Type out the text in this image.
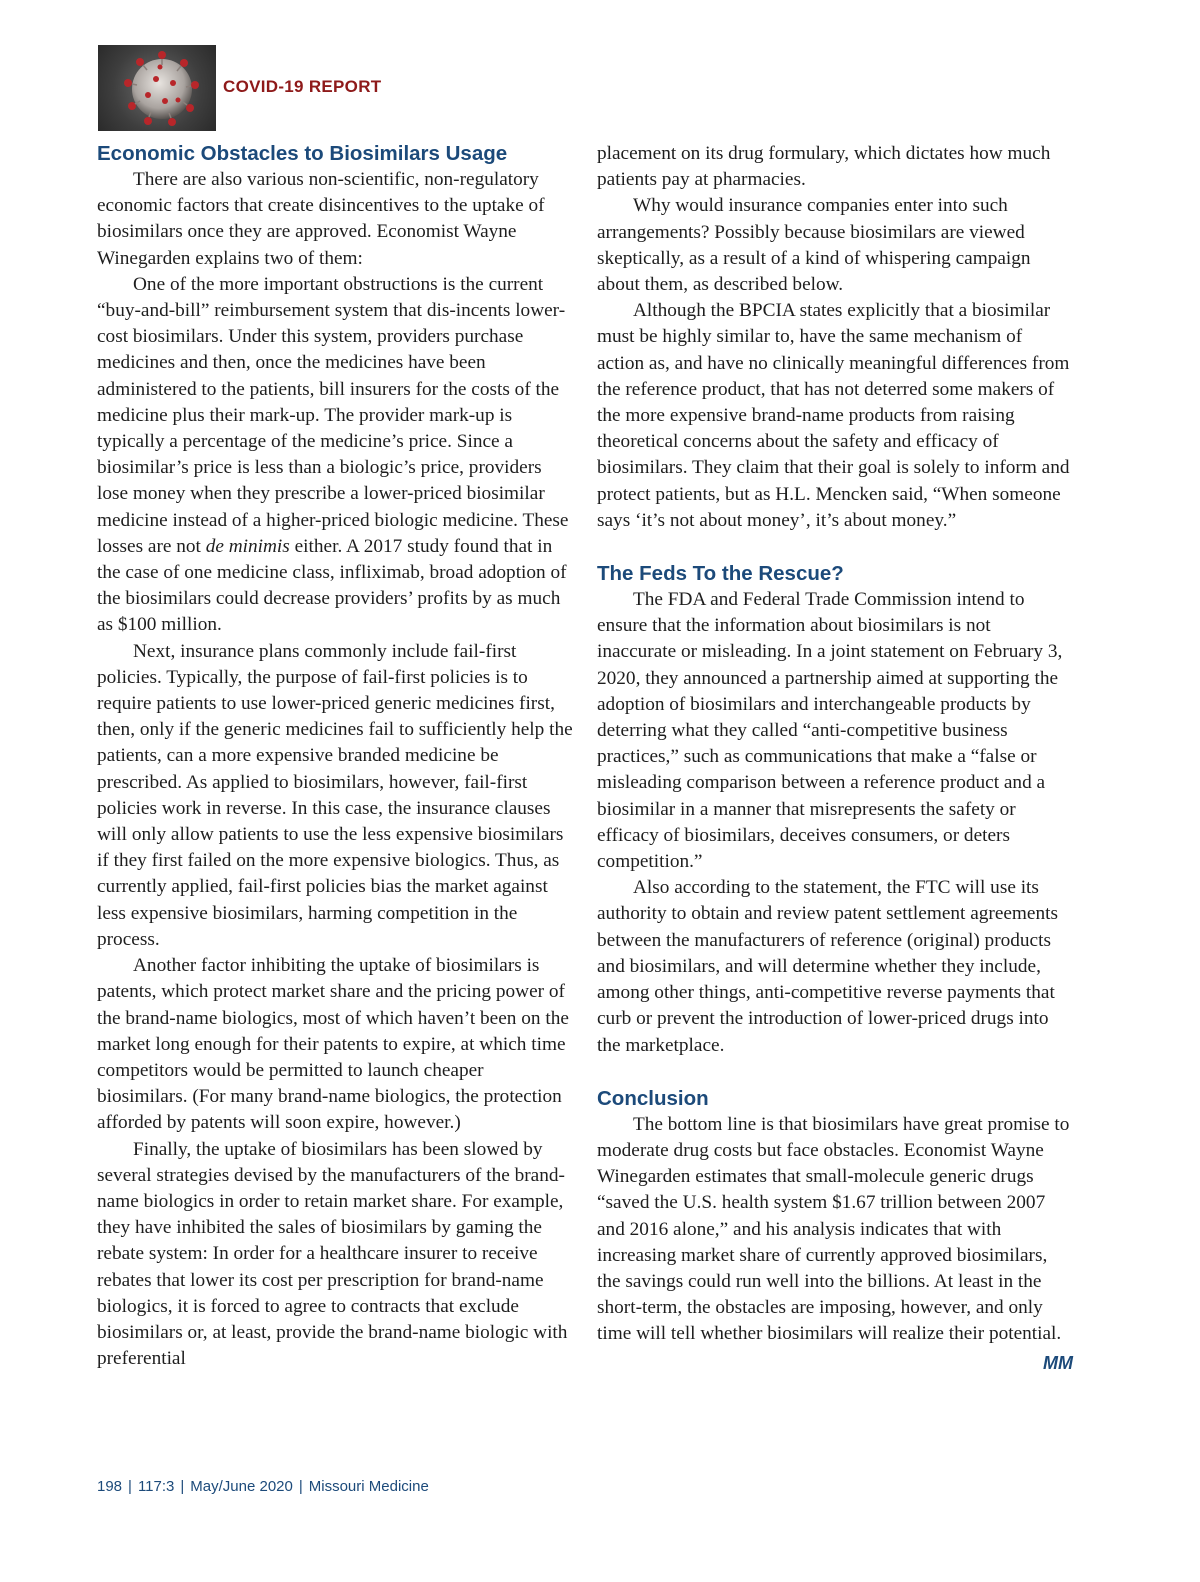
COVID-19 REPORT
Economic Obstacles to Biosimilars Usage

There are also various non-scientific, non-regulatory economic factors that create disincentives to the uptake of biosimilars once they are approved. Economist Wayne Winegarden explains two of them:

One of the more important obstructions is the current “buy-and-bill” reimbursement system that dis-incents lower-cost biosimilars. Under this system, providers purchase medicines and then, once the medicines have been administered to the patients, bill insurers for the costs of the medicine plus their mark-up. The provider mark-up is typically a percentage of the medicine’s price. Since a biosimilar’s price is less than a biologic’s price, providers lose money when they prescribe a lower-priced biosimilar medicine instead of a higher-priced biologic medicine. These losses are not de minimis either. A 2017 study found that in the case of one medicine class, infliximab, broad adoption of the biosimilars could decrease providers’ profits by as much as $100 million.

Next, insurance plans commonly include fail-first policies. Typically, the purpose of fail-first policies is to require patients to use lower-priced generic medicines first, then, only if the generic medicines fail to sufficiently help the patients, can a more expensive branded medicine be prescribed. As applied to biosimilars, however, fail-first policies work in reverse. In this case, the insurance clauses will only allow patients to use the less expensive biosimilars if they first failed on the more expensive biologics. Thus, as currently applied, fail-first policies bias the market against less expensive biosimilars, harming competition in the process.

Another factor inhibiting the uptake of biosimilars is patents, which protect market share and the pricing power of the brand-name biologics, most of which haven’t been on the market long enough for their patents to expire, at which time competitors would be permitted to launch cheaper biosimilars. (For many brand-name biologics, the protection afforded by patents will soon expire, however.)

Finally, the uptake of biosimilars has been slowed by several strategies devised by the manufacturers of the brand-name biologics in order to retain market share. For example, they have inhibited the sales of biosimilars by gaming the rebate system: In order for a healthcare insurer to receive rebates that lower its cost per prescription for brand-name biologics, it is forced to agree to contracts that exclude biosimilars or, at least, provide the brand-name biologic with preferential

placement on its drug formulary, which dictates how much patients pay at pharmacies.

Why would insurance companies enter into such arrangements? Possibly because biosimilars are viewed skeptically, as a result of a kind of whispering campaign about them, as described below.

Although the BPCIA states explicitly that a biosimilar must be highly similar to, have the same mechanism of action as, and have no clinically meaningful differences from the reference product, that has not deterred some makers of the more expensive brand-name products from raising theoretical concerns about the safety and efficacy of biosimilars. They claim that their goal is solely to inform and protect patients, but as H.L. Mencken said, “When someone says ‘it’s not about money’, it’s about money.”

The Feds To the Rescue?

The FDA and Federal Trade Commission intend to ensure that the information about biosimilars is not inaccurate or misleading. In a joint statement on February 3, 2020, they announced a partnership aimed at supporting the adoption of biosimilars and interchangeable products by deterring what they called “anti-competitive business practices,” such as communications that make a “false or misleading comparison between a reference product and a biosimilar in a manner that misrepresents the safety or efficacy of biosimilars, deceives consumers, or deters competition.”

Also according to the statement, the FTC will use its authority to obtain and review patent settlement agreements between the manufacturers of reference (original) products and biosimilars, and will determine whether they include, among other things, anti-competitive reverse payments that curb or prevent the introduction of lower-priced drugs into the marketplace.

Conclusion

The bottom line is that biosimilars have great promise to moderate drug costs but face obstacles. Economist Wayne Winegarden estimates that small-molecule generic drugs “saved the U.S. health system $1.67 trillion between 2007 and 2016 alone,” and his analysis indicates that with increasing market share of currently approved biosimilars, the savings could run well into the billions. At least in the short-term, the obstacles are imposing, however, and only time will tell whether biosimilars will realize their potential.
MM

198 | 117:3 | May/June 2020 | Missouri Medicine
